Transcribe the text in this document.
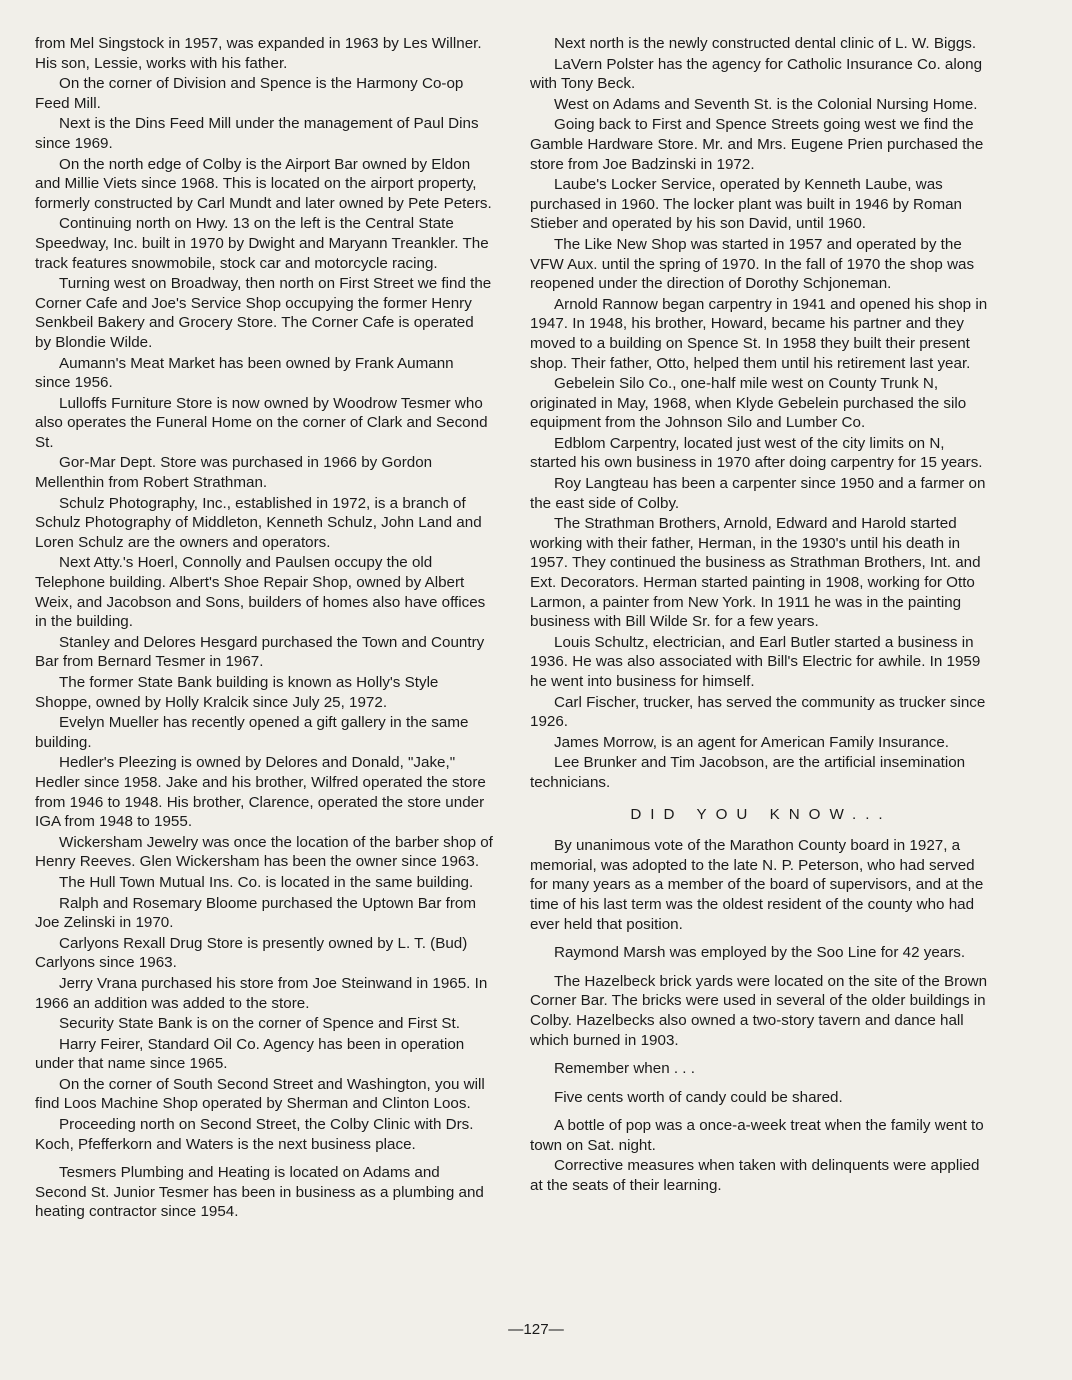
from Mel Singstock in 1957, was expanded in 1963 by Les Willner. His son, Lessie, works with his father.

On the corner of Division and Spence is the Harmony Co-op Feed Mill.

Next is the Dins Feed Mill under the management of Paul Dins since 1969.

On the north edge of Colby is the Airport Bar owned by Eldon and Millie Viets since 1968. This is located on the airport property, formerly constructed by Carl Mundt and later owned by Pete Peters.

Continuing north on Hwy. 13 on the left is the Central State Speedway, Inc. built in 1970 by Dwight and Maryann Treankler. The track features snowmobile, stock car and motorcycle racing.

Turning west on Broadway, then north on First Street we find the Corner Cafe and Joe's Service Shop occupying the former Henry Senkbeil Bakery and Grocery Store. The Corner Cafe is operated by Blondie Wilde.

Aumann's Meat Market has been owned by Frank Aumann since 1956.

Lulloffs Furniture Store is now owned by Woodrow Tesmer who also operates the Funeral Home on the corner of Clark and Second St.

Gor-Mar Dept. Store was purchased in 1966 by Gordon Mellenthin from Robert Strathman.

Schulz Photography, Inc., established in 1972, is a branch of Schulz Photography of Middleton, Kenneth Schulz, John Land and Loren Schulz are the owners and operators.

Next Atty.'s Hoerl, Connolly and Paulsen occupy the old Telephone building. Albert's Shoe Repair Shop, owned by Albert Weix, and Jacobson and Sons, builders of homes also have offices in the building.

Stanley and Delores Hesgard purchased the Town and Country Bar from Bernard Tesmer in 1967.

The former State Bank building is known as Holly's Style Shoppe, owned by Holly Kralcik since July 25, 1972.

Evelyn Mueller has recently opened a gift gallery in the same building.

Hedler's Pleezing is owned by Delores and Donald, "Jake," Hedler since 1958. Jake and his brother, Wilfred operated the store from 1946 to 1948. His brother, Clarence, operated the store under IGA from 1948 to 1955.

Wickersham Jewelry was once the location of the barber shop of Henry Reeves. Glen Wickersham has been the owner since 1963.

The Hull Town Mutual Ins. Co. is located in the same building.

Ralph and Rosemary Bloome purchased the Uptown Bar from Joe Zelinski in 1970.

Carlyons Rexall Drug Store is presently owned by L. T. (Bud) Carlyons since 1963.

Jerry Vrana purchased his store from Joe Steinwand in 1965. In 1966 an addition was added to the store.

Security State Bank is on the corner of Spence and First St.

Harry Feirer, Standard Oil Co. Agency has been in operation under that name since 1965.

On the corner of South Second Street and Washington, you will find Loos Machine Shop operated by Sherman and Clinton Loos.

Proceeding north on Second Street, the Colby Clinic with Drs. Koch, Pfefferkorn and Waters is the next business place.

Tesmers Plumbing and Heating is located on Adams and Second St. Junior Tesmer has been in business as a plumbing and heating contractor since 1954.

Next north is the newly constructed dental clinic of L. W. Biggs.

LaVern Polster has the agency for Catholic Insurance Co. along with Tony Beck.

West on Adams and Seventh St. is the Colonial Nursing Home.

Going back to First and Spence Streets going west we find the Gamble Hardware Store. Mr. and Mrs. Eugene Prien purchased the store from Joe Badzinski in 1972.

Laube's Locker Service, operated by Kenneth Laube, was purchased in 1960. The locker plant was built in 1946 by Roman Stieber and operated by his son David, until 1960.

The Like New Shop was started in 1957 and operated by the VFW Aux. until the spring of 1970. In the fall of 1970 the shop was reopened under the direction of Dorothy Schjoneman.

Arnold Rannow began carpentry in 1941 and opened his shop in 1947. In 1948, his brother, Howard, became his partner and they moved to a building on Spence St. In 1958 they built their present shop. Their father, Otto, helped them until his retirement last year.

Gebelein Silo Co., one-half mile west on County Trunk N, originated in May, 1968, when Klyde Gebelein purchased the silo equipment from the Johnson Silo and Lumber Co.

Edblom Carpentry, located just west of the city limits on N, started his own business in 1970 after doing carpentry for 15 years.

Roy Langteau has been a carpenter since 1950 and a farmer on the east side of Colby.

The Strathman Brothers, Arnold, Edward and Harold started working with their father, Herman, in the 1930's until his death in 1957. They continued the business as Strathman Brothers, Int. and Ext. Decorators. Herman started painting in 1908, working for Otto Larmon, a painter from New York. In 1911 he was in the painting business with Bill Wilde Sr. for a few years.

Louis Schultz, electrician, and Earl Butler started a business in 1936. He was also associated with Bill's Electric for awhile. In 1959 he went into business for himself.

Carl Fischer, trucker, has served the community as trucker since 1926.

James Morrow, is an agent for American Family Insurance.

Lee Brunker and Tim Jacobson, are the artificial insemination technicians.

DID YOU KNOW...

By unanimous vote of the Marathon County board in 1927, a memorial, was adopted to the late N. P. Peterson, who had served for many years as a member of the board of supervisors, and at the time of his last term was the oldest resident of the county who had ever held that position.

Raymond Marsh was employed by the Soo Line for 42 years.

The Hazelbeck brick yards were located on the site of the Brown Corner Bar. The bricks were used in several of the older buildings in Colby. Hazelbecks also owned a two-story tavern and dance hall which burned in 1903.

Remember when . . .

Five cents worth of candy could be shared.

A bottle of pop was a once-a-week treat when the family went to town on Sat. night.

Corrective measures when taken with delinquents were applied at the seats of their learning.

—127—
